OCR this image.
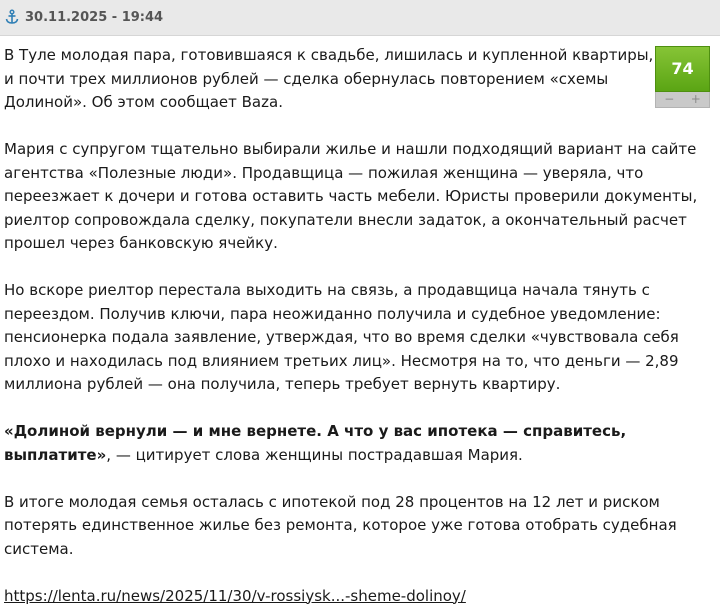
30.11.2025 - 19:44
74
−	+

В Туле молодая пара, готовившаяся к свадьбе, лишилась и купленной квартиры, и почти трех миллионов рублей — сделка обернулась повторением «схемы Долиной». Об этом сообщает Baza.

Мария с супругом тщательно выбирали жилье и нашли подходящий вариант на сайте агентства «Полезные люди». Продавщица — пожилая женщина — уверяла, что переезжает к дочери и готова оставить часть мебели. Юристы проверили документы, риелтор сопровождала сделку, покупатели внесли задаток, а окончательный расчет прошел через банковскую ячейку.

Но вскоре риелтор перестала выходить на связь, а продавщица начала тянуть с переездом. Получив ключи, пара неожиданно получила и судебное уведомление: пенсионерка подала заявление, утверждая, что во время сделки «чувствовала себя плохо и находилась под влиянием третьих лиц». Несмотря на то, что деньги — 2,89 миллиона рублей — она получила, теперь требует вернуть квартиру.

«Долиной вернули — и мне вернете. А что у вас ипотека — справитесь, выплатите», — цитирует слова женщины пострадавшая Мария.

В итоге молодая семья осталась с ипотекой под 28 процентов на 12 лет и риском потерять единственное жилье без ремонта, которое уже готова отобрать судебная система.

https://lenta.ru/news/2025/11/30/v-rossiysk...-sheme-dolinoy/
